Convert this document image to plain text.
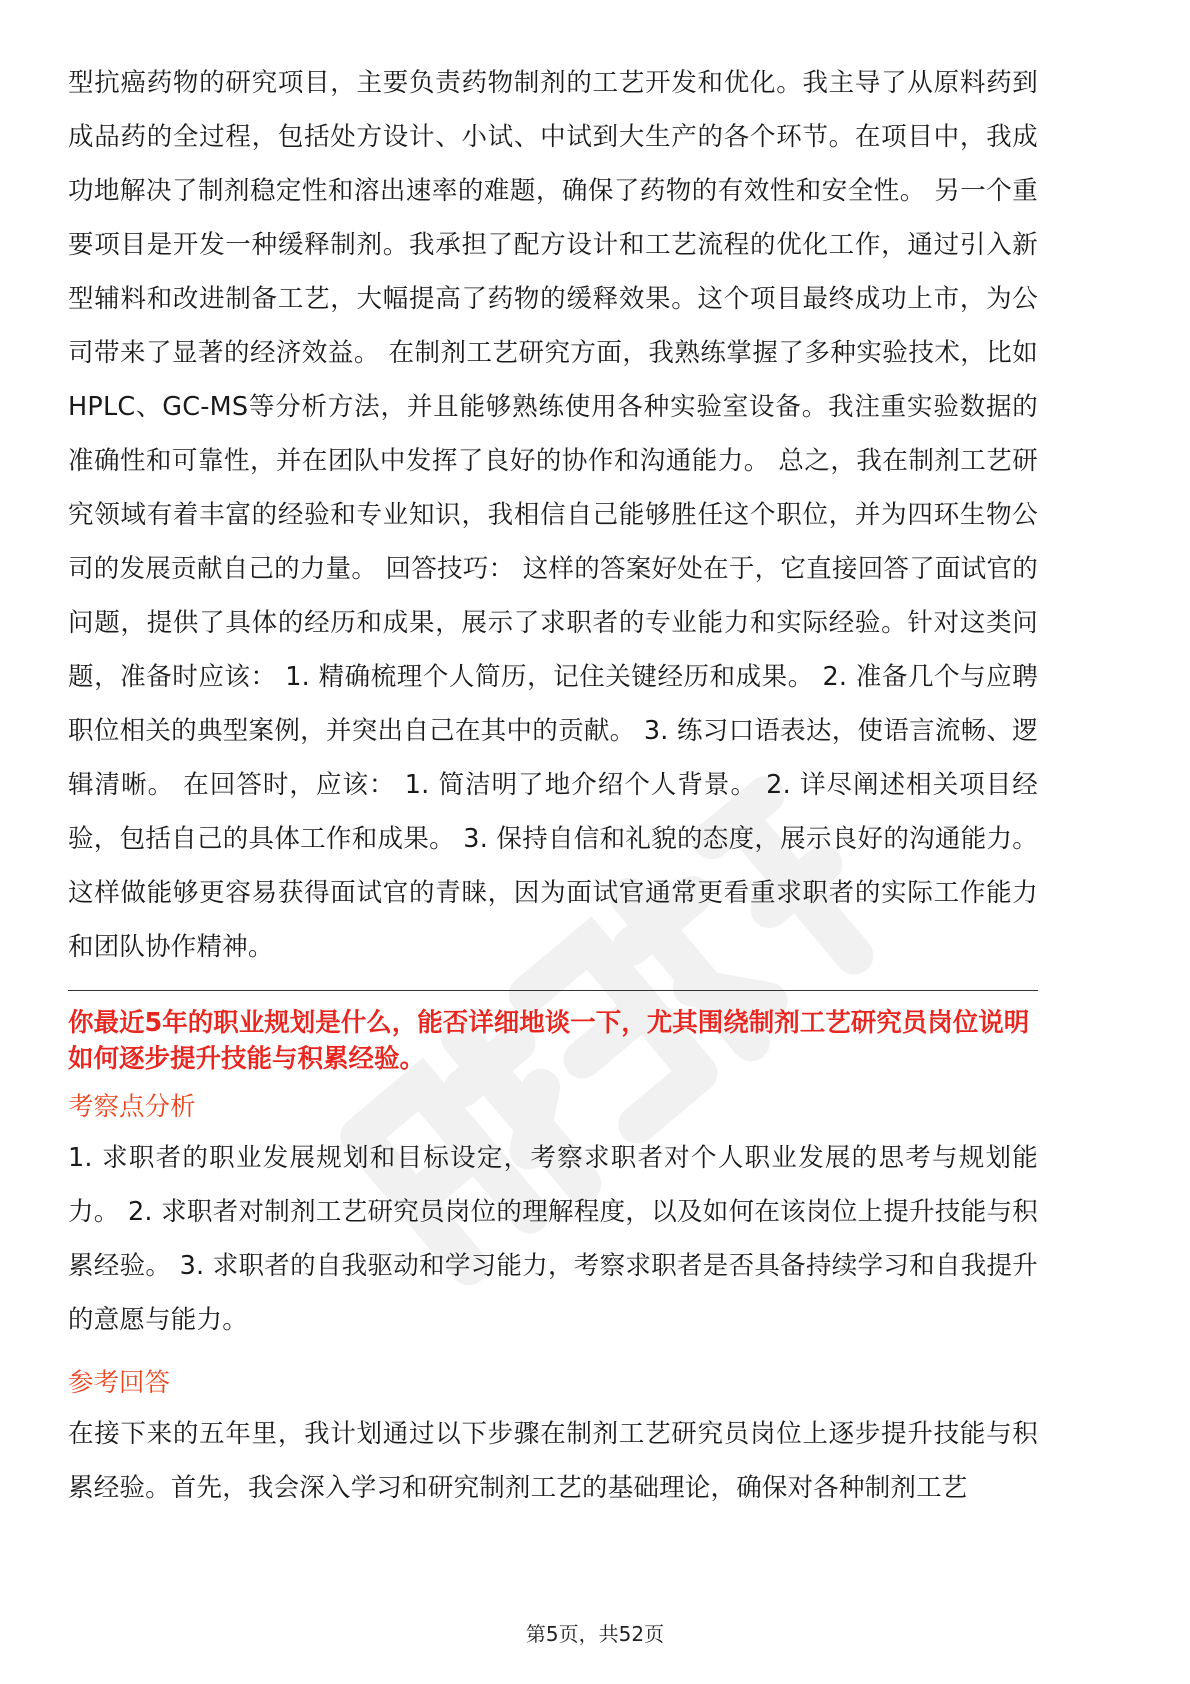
型抗癌药物的研究项目，主要负责药物制剂的工艺开发和优化。我主导了从原料药到成品药的全过程，包括处方设计、小试、中试到大生产的各个环节。在项目中，我成功地解决了制剂稳定性和溶出速率的难题，确保了药物的有效性和安全性。 另一个重要项目是开发一种缓释制剂。我承担了配方设计和工艺流程的优化工作，通过引入新型辅料和改进制备工艺，大幅提高了药物的缓释效果。这个项目最终成功上市，为公司带来了显著的经济效益。 在制剂工艺研究方面，我熟练掌握了多种实验技术，比如HPLC、GC-MS等分析方法，并且能够熟练使用各种实验室设备。我注重实验数据的准确性和可靠性，并在团队中发挥了良好的协作和沟通能力。 总之，我在制剂工艺研究领域有着丰富的经验和专业知识，我相信自己能够胜任这个职位，并为四环生物公司的发展贡献自己的力量。 回答技巧： 这样的答案好处在于，它直接回答了面试官的问题，提供了具体的经历和成果，展示了求职者的专业能力和实际经验。针对这类问题，准备时应该： 1. 精确梳理个人简历，记住关键经历和成果。 2. 准备几个与应聘职位相关的典型案例，并突出自己在其中的贡献。 3. 练习口语表达，使语言流畅、逻辑清晰。 在回答时，应该： 1. 简洁明了地介绍个人背景。 2. 详尽阐述相关项目经验，包括自己的具体工作和成果。 3. 保持自信和礼貌的态度，展示良好的沟通能力。 这样做能够更容易获得面试官的青睐，因为面试官通常更看重求职者的实际工作能力和团队协作精神。

你最近5年的职业规划是什么，能否详细地谈一下，尤其围绕制剂工艺研究员岗位说明如何逐步提升技能与积累经验。

考察点分析

1. 求职者的职业发展规划和目标设定，考察求职者对个人职业发展的思考与规划能力。 2. 求职者对制剂工艺研究员岗位的理解程度，以及如何在该岗位上提升技能与积累经验。 3. 求职者的自我驱动和学习能力，考察求职者是否具备持续学习和自我提升的意愿与能力。

参考回答

在接下来的五年里，我计划通过以下步骤在制剂工艺研究员岗位上逐步提升技能与积累经验。首先，我会深入学习和研究制剂工艺的基础理论，确保对各种制剂工艺

第5页，共52页
